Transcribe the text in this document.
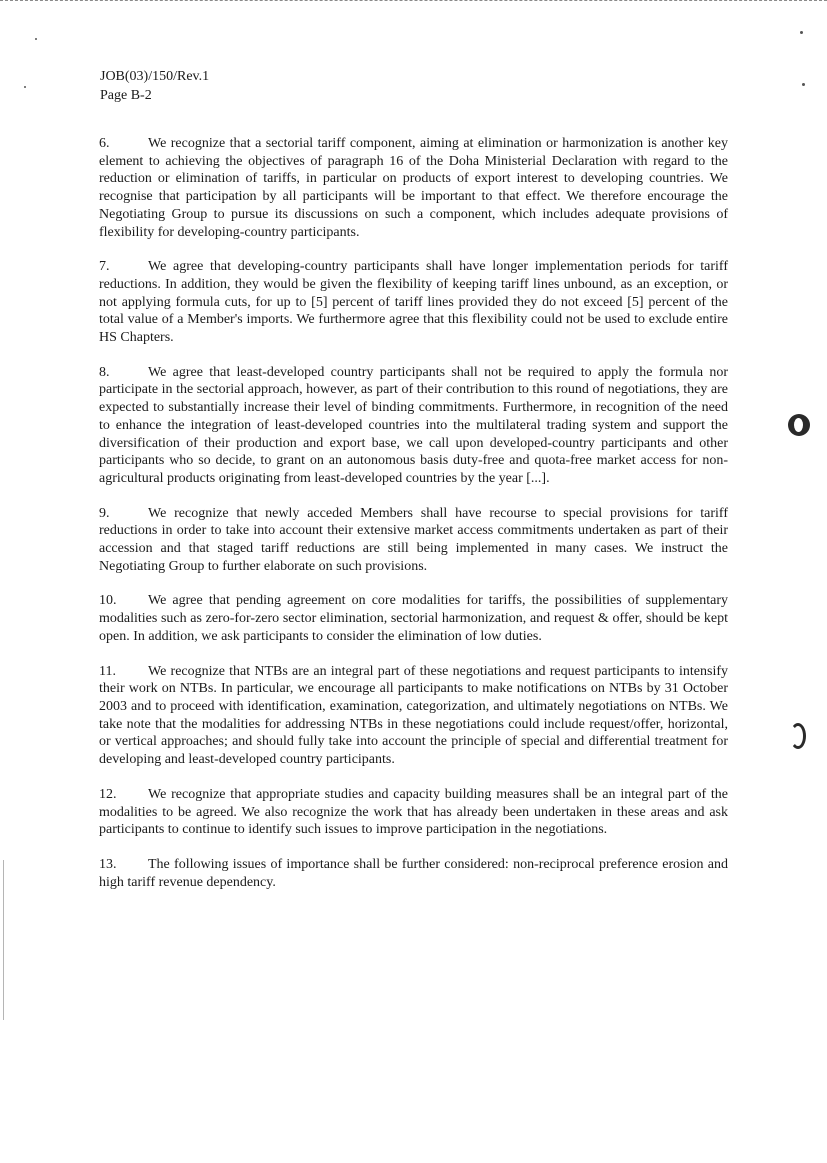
JOB(03)/150/Rev.1
Page B-2

6.	We recognize that a sectorial tariff component, aiming at elimination or harmonization is another key element to achieving the objectives of paragraph 16 of the Doha Ministerial Declaration with regard to the reduction or elimination of tariffs, in particular on products of export interest to developing countries. We recognise that participation by all participants will be important to that effect. We therefore encourage the Negotiating Group to pursue its discussions on such a component, which includes adequate provisions of flexibility for developing-country participants.

7.	We agree that developing-country participants shall have longer implementation periods for tariff reductions. In addition, they would be given the flexibility of keeping tariff lines unbound, as an exception, or not applying formula cuts, for up to [5] percent of tariff lines provided they do not exceed [5] percent of the total value of a Member's imports. We furthermore agree that this flexibility could not be used to exclude entire HS Chapters.

8.	We agree that least-developed country participants shall not be required to apply the formula nor participate in the sectorial approach, however, as part of their contribution to this round of negotiations, they are expected to substantially increase their level of binding commitments. Furthermore, in recognition of the need to enhance the integration of least-developed countries into the multilateral trading system and support the diversification of their production and export base, we call upon developed-country participants and other participants who so decide, to grant on an autonomous basis duty-free and quota-free market access for non-agricultural products originating from least-developed countries by the year [...].

9.	We recognize that newly acceded Members shall have recourse to special provisions for tariff reductions in order to take into account their extensive market access commitments undertaken as part of their accession and that staged tariff reductions are still being implemented in many cases. We instruct the Negotiating Group to further elaborate on such provisions.

10. We agree that pending agreement on core modalities for tariffs, the possibilities of supplementary modalities such as zero-for-zero sector elimination, sectorial harmonization, and request & offer, should be kept open. In addition, we ask participants to consider the elimination of low duties.

11. We recognize that NTBs are an integral part of these negotiations and request participants to intensify their work on NTBs. In particular, we encourage all participants to make notifications on NTBs by 31 October 2003 and to proceed with identification, examination, categorization, and ultimately negotiations on NTBs. We take note that the modalities for addressing NTBs in these negotiations could include request/offer, horizontal, or vertical approaches; and should fully take into account the principle of special and differential treatment for developing and least-developed country participants.

12. We recognize that appropriate studies and capacity building measures shall be an integral part of the modalities to be agreed. We also recognize the work that has already been undertaken in these areas and ask participants to continue to identify such issues to improve participation in the negotiations.

13. The following issues of importance shall be further considered: non-reciprocal preference erosion and high tariff revenue dependency.
